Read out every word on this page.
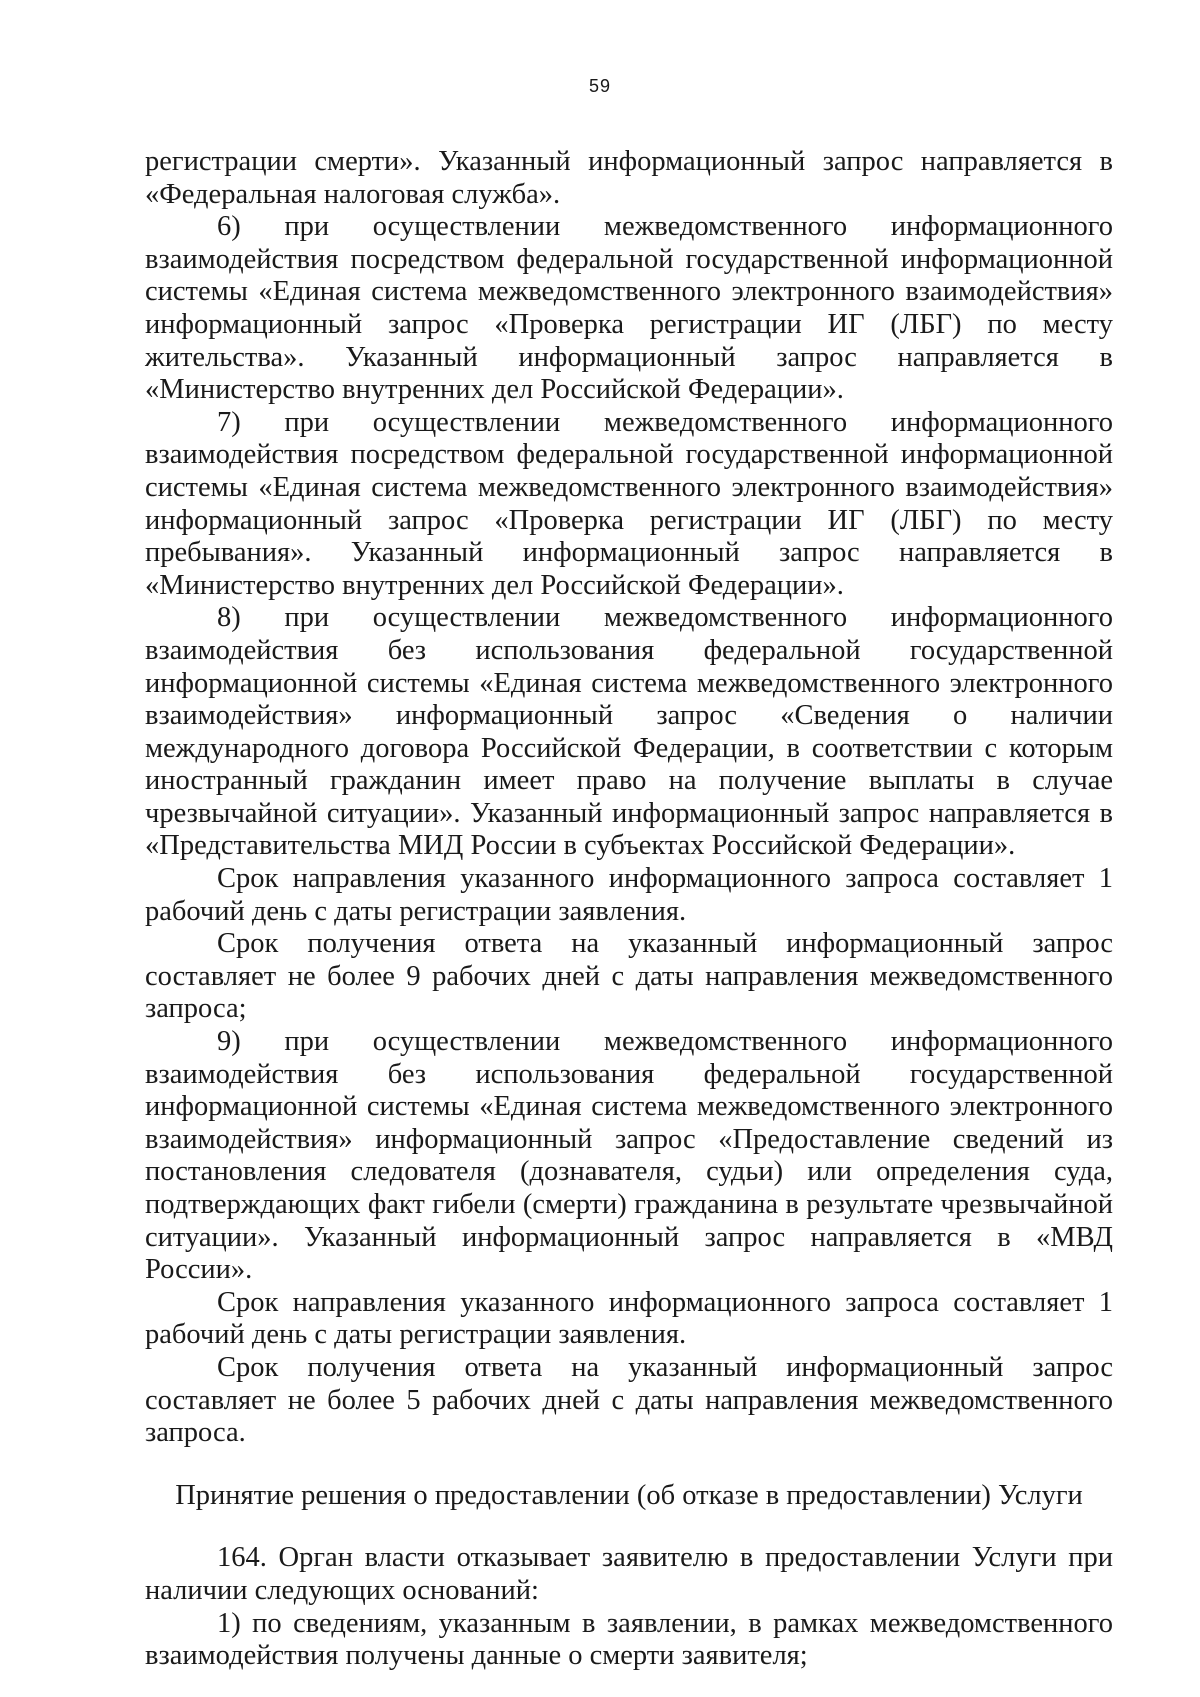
59

регистрации смерти». Указанный информационный запрос направляется в «Федеральная налоговая служба».

6) при осуществлении межведомственного информационного взаимодействия посредством федеральной государственной информационной системы «Единая система межведомственного электронного взаимодействия» информационный запрос «Проверка регистрации ИГ (ЛБГ) по месту жительства». Указанный информационный запрос направляется в «Министерство внутренних дел Российской Федерации».

7) при осуществлении межведомственного информационного взаимодействия посредством федеральной государственной информационной системы «Единая система межведомственного электронного взаимодействия» информационный запрос «Проверка регистрации ИГ (ЛБГ) по месту пребывания». Указанный информационный запрос направляется в «Министерство внутренних дел Российской Федерации».

8) при осуществлении межведомственного информационного взаимодействия без использования федеральной государственной информационной системы «Единая система межведомственного электронного взаимодействия» информационный запрос «Сведения о наличии международного договора Российской Федерации, в соответствии с которым иностранный гражданин имеет право на получение выплаты в случае чрезвычайной ситуации». Указанный информационный запрос направляется в «Представительства МИД России в субъектах Российской Федерации».

Срок направления указанного информационного запроса составляет 1 рабочий день с даты регистрации заявления.

Срок получения ответа на указанный информационный запрос составляет не более 9 рабочих дней с даты направления межведомственного запроса;

9) при осуществлении межведомственного информационного взаимодействия без использования федеральной государственной информационной системы «Единая система межведомственного электронного взаимодействия» информационный запрос «Предоставление сведений из постановления следователя (дознавателя, судьи) или определения суда, подтверждающих факт гибели (смерти) гражданина в результате чрезвычайной ситуации». Указанный информационный запрос направляется в «МВД России».

Срок направления указанного информационного запроса составляет 1 рабочий день с даты регистрации заявления.

Срок получения ответа на указанный информационный запрос составляет не более 5 рабочих дней с даты направления межведомственного запроса.

Принятие решения о предоставлении (об отказе в предоставлении) Услуги

164. Орган власти отказывает заявителю в предоставлении Услуги при наличии следующих оснований:

1) по сведениям, указанным в заявлении, в рамках межведомственного взаимодействия получены данные о смерти заявителя;
